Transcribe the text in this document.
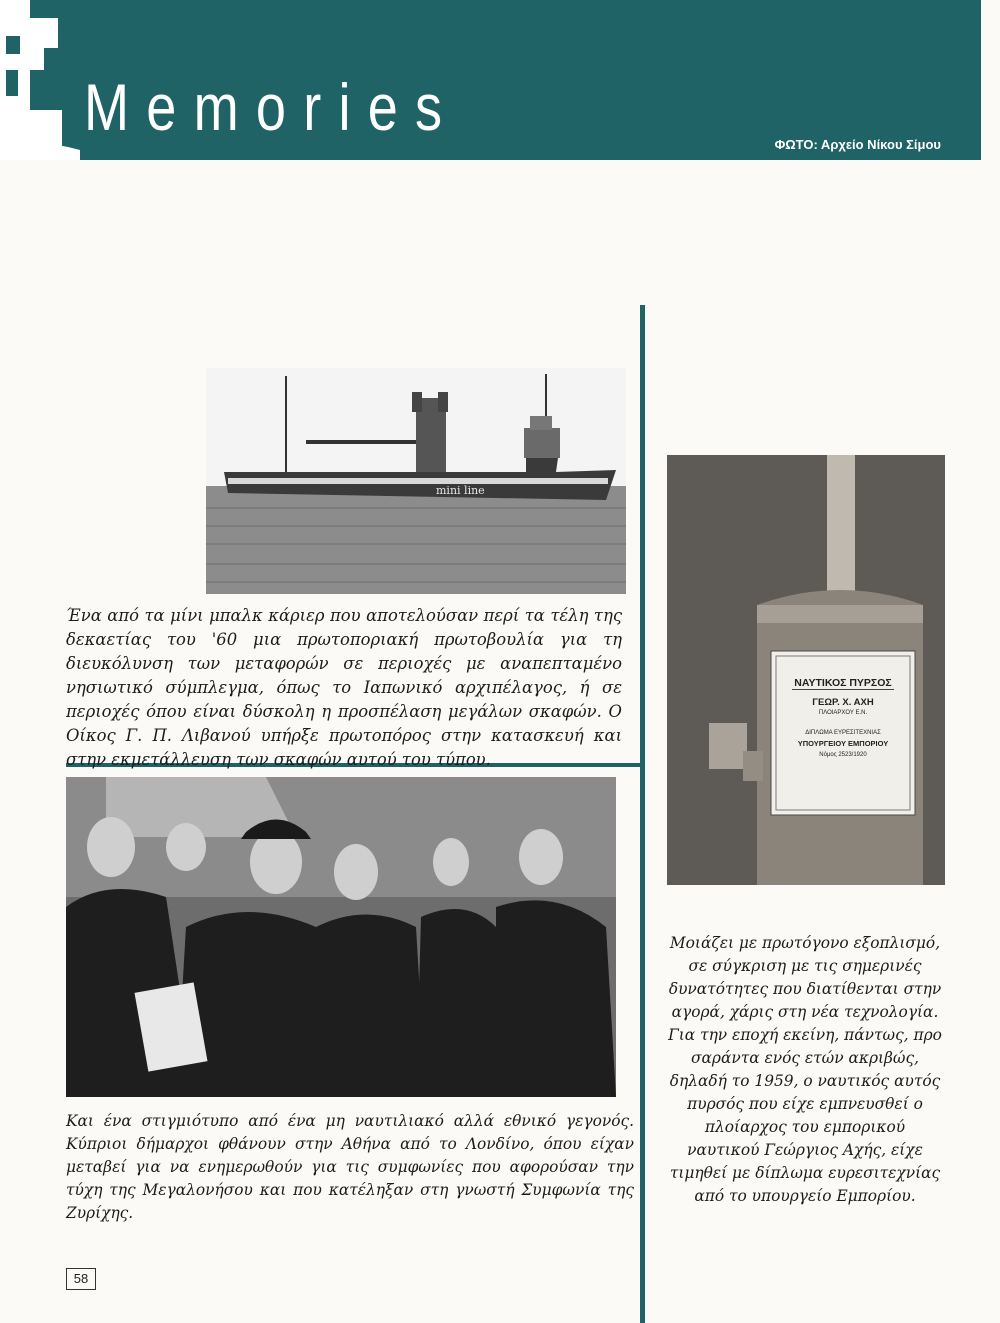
Memories
ΦΩΤΟ: Αρχείο Νίκου Σίμου
mini line

Ένα από τα μίνι μπαλκ κάριερ που αποτελούσαν περί τα τέλη της δεκαετίας του '60 μια πρωτοποριακή πρωτοβουλία για τη διευκόλυνση των μεταφορών σε περιοχές με αναπεπταμένο νησιωτικό σύμπλεγμα, όπως το Ιαπωνικό αρχιπέλαγος, ή σε περιοχές όπου είναι δύσκολη η προσπέλαση μεγάλων σκαφών. Ο Οίκος Γ. Π. Λιβανού υπήρξε πρωτοπόρος στην κατασκευή και στην εκμετάλλευση των σκαφών αυτού του τύπου.

Και ένα στιγμιότυπο από ένα μη ναυτιλιακό αλλά εθνικό γεγονός. Κύπριοι δήμαρχοι φθάνουν στην Αθήνα από το Λονδίνο, όπου είχαν μεταβεί για να ενημερωθούν για τις συμφωνίες που αφορούσαν την τύχη της Μεγαλονήσου και που κατέληξαν στη γνωστή Συμφωνία της Ζυρίχης.

ΝΑΥΤΙΚΟΣ ΠΥΡΣΟΣ
ΓΕΩΡ. Χ. ΑΧΗ
ΠΛΟΙΑΡΧΟΥ Ε.Ν.
ΔΙΠΛΩΜΑ ΕΥΡΕΣΙΤΕΧΝΙΑΣ
ΥΠΟΥΡΓΕΙΟΥ ΕΜΠΟΡΙΟΥ
Νόμος 2523/1920

Μοιάζει με πρωτόγονο εξοπλισμό, σε σύγκριση με τις σημερινές δυνατότητες που διατίθενται στην αγορά, χάρις στη νέα τεχνολογία. Για την εποχή εκείνη, πάντως, προ σαράντα ενός ετών ακριβώς, δηλαδή το 1959, ο ναυτικός αυτός πυρσός που είχε εμπνευσθεί ο πλοίαρχος του εμπορικού ναυτικού Γεώργιος Αχής, είχε τιμηθεί με δίπλωμα ευρεσιτεχνίας από το υπουργείο Εμπορίου.

58
